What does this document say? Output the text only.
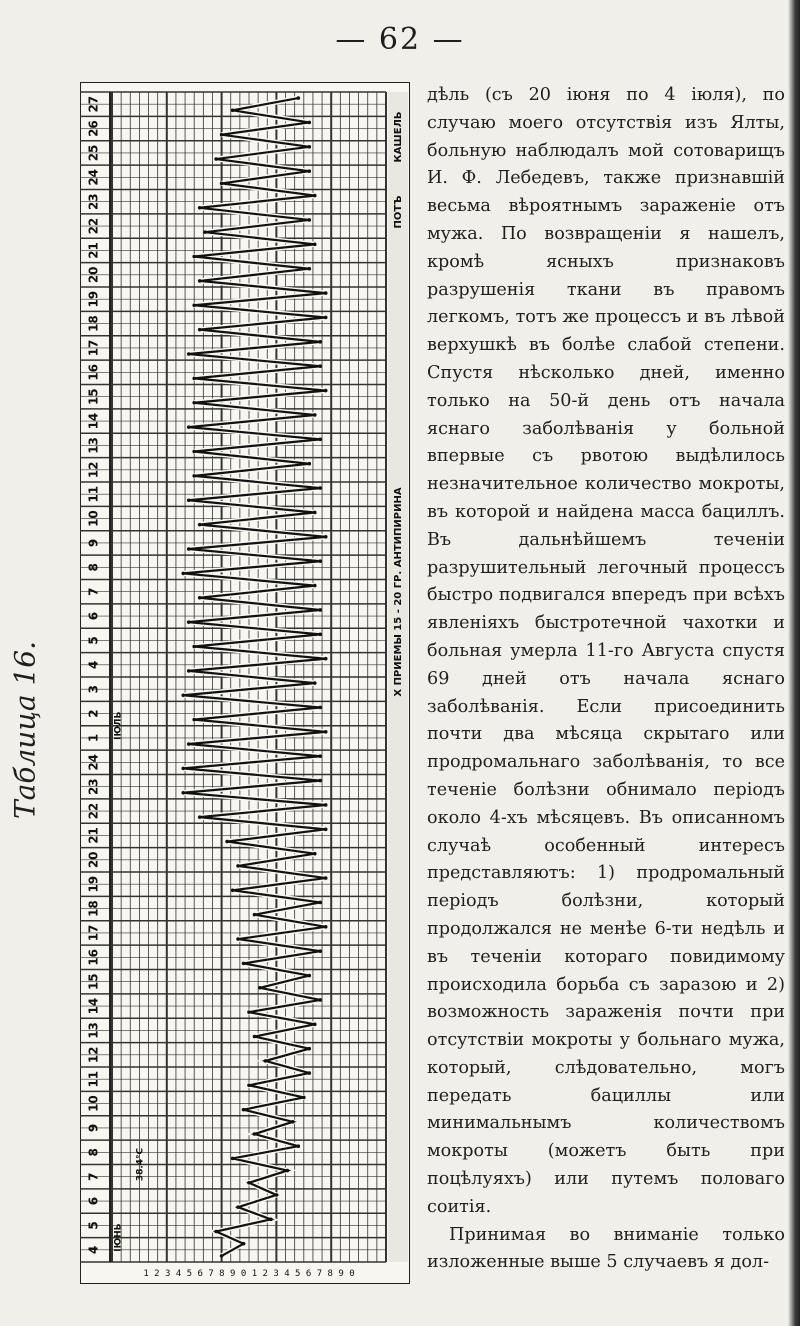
— 62 —
Таблица 16.
4
5
6
7
8
9
10
11
12
13
14
15
16
17
18
19
20
21
22
23
24
1
2
3
4
5
6
7
8
9
10
11
12
13
14
15
16
17
18
19
20
21
22
23
24
25
26
27
КАШЕЛЬ
ПОТЪ
Х ПРИЕМЫ 15 - 20 ГР. АНТИПИРИНА
ІЮЛЬ
ІЮНЬ
38.4°C
1 2 3 4 5 6 7 8 9 0 1 2 3 4 5 6 7 8 9 0

дѣль (съ 20 іюня по 4 іюля), по случаю моего отсутствія изъ Ялты, больную наблюдалъ мой сотоварищъ И. Ф. Лебедевъ, также признавшій весьма вѣроятнымъ зараженіе отъ мужа. По возвращеніи я нашелъ, кромѣ ясныхъ признаковъ разрушенія ткани въ правомъ легкомъ, тотъ же процессъ и въ лѣвой верхушкѣ въ болѣе слабой степени. Спустя нѣсколько дней, именно только на 50-й день отъ начала яснаго заболѣванія у больной впервые съ рвотою выдѣлилось незначительное количество мокроты, въ которой и найдена масса бациллъ. Въ дальнѣйшемъ теченіи разрушительный легочный процессъ быстро подвигался впередъ при всѣхъ явленіяхъ быстротечной чахотки и больная умерла 11-го Августа спустя 69 дней отъ начала яснаго заболѣванія. Если присоединить почти два мѣсяца скрытаго или продромальнаго заболѣванія, то все теченіе болѣзни обнимало періодъ около 4-хъ мѣсяцевъ. Въ описанномъ случаѣ особенный интересъ представляютъ: 1) продромальный періодъ болѣзни, который продолжался не менѣе 6-ти недѣль и въ теченіи котораго повидимому происходила борьба съ заразою и 2) возможность зараженія почти при отсутствіи мокроты у больнаго мужа, который, слѣдовательно, могъ передать бациллы или минимальнымъ количествомъ мокроты (можетъ быть при поцѣлуяхъ) или путемъ половаго соитія.

Принимая во вниманіе только изложенные выше 5 случаевъ я дол-
